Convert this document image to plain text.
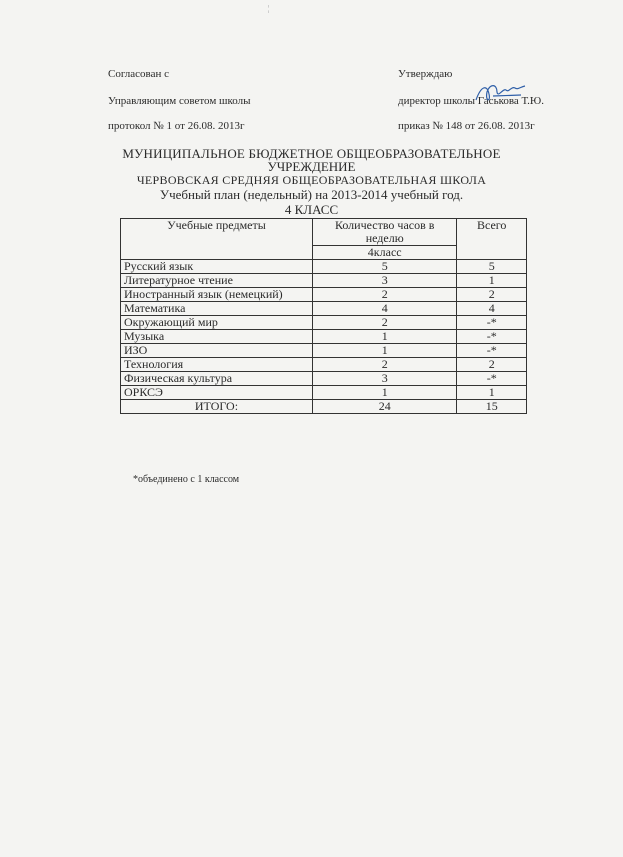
¦
Согласован с
Управляющим советом школы
протокол № 1 от 26.08. 2013г
Утверждаю
директор школы Гаськова Т.Ю.
приказ № 148 от 26.08. 2013г
МУНИЦИПАЛЬНОЕ БЮДЖЕТНОЕ ОБЩЕОБРАЗОВАТЕЛЬНОЕ
УЧРЕЖДЕНИЕ
ЧЕРВОВСКАЯ СРЕДНЯЯ ОБЩЕОБРАЗОВАТЕЛЬНАЯ ШКОЛА
Учебный план (недельный) на 2013-2014 учебный год.
4 КЛАСС
Учебные предметы	Количество часов в неделю	Всего
	4класс	
Русский язык	5	5
Литературное чтение	3	1
Иностранный язык (немецкий)	2	2
Математика	4	4
Окружающий мир	2	-*
Музыка	1	-*
ИЗО	1	-*
Технология	2	2
Физическая культура	3	-*
ОРКСЭ	1	1
ИТОГО:	24	15
*объединено с 1 классом
